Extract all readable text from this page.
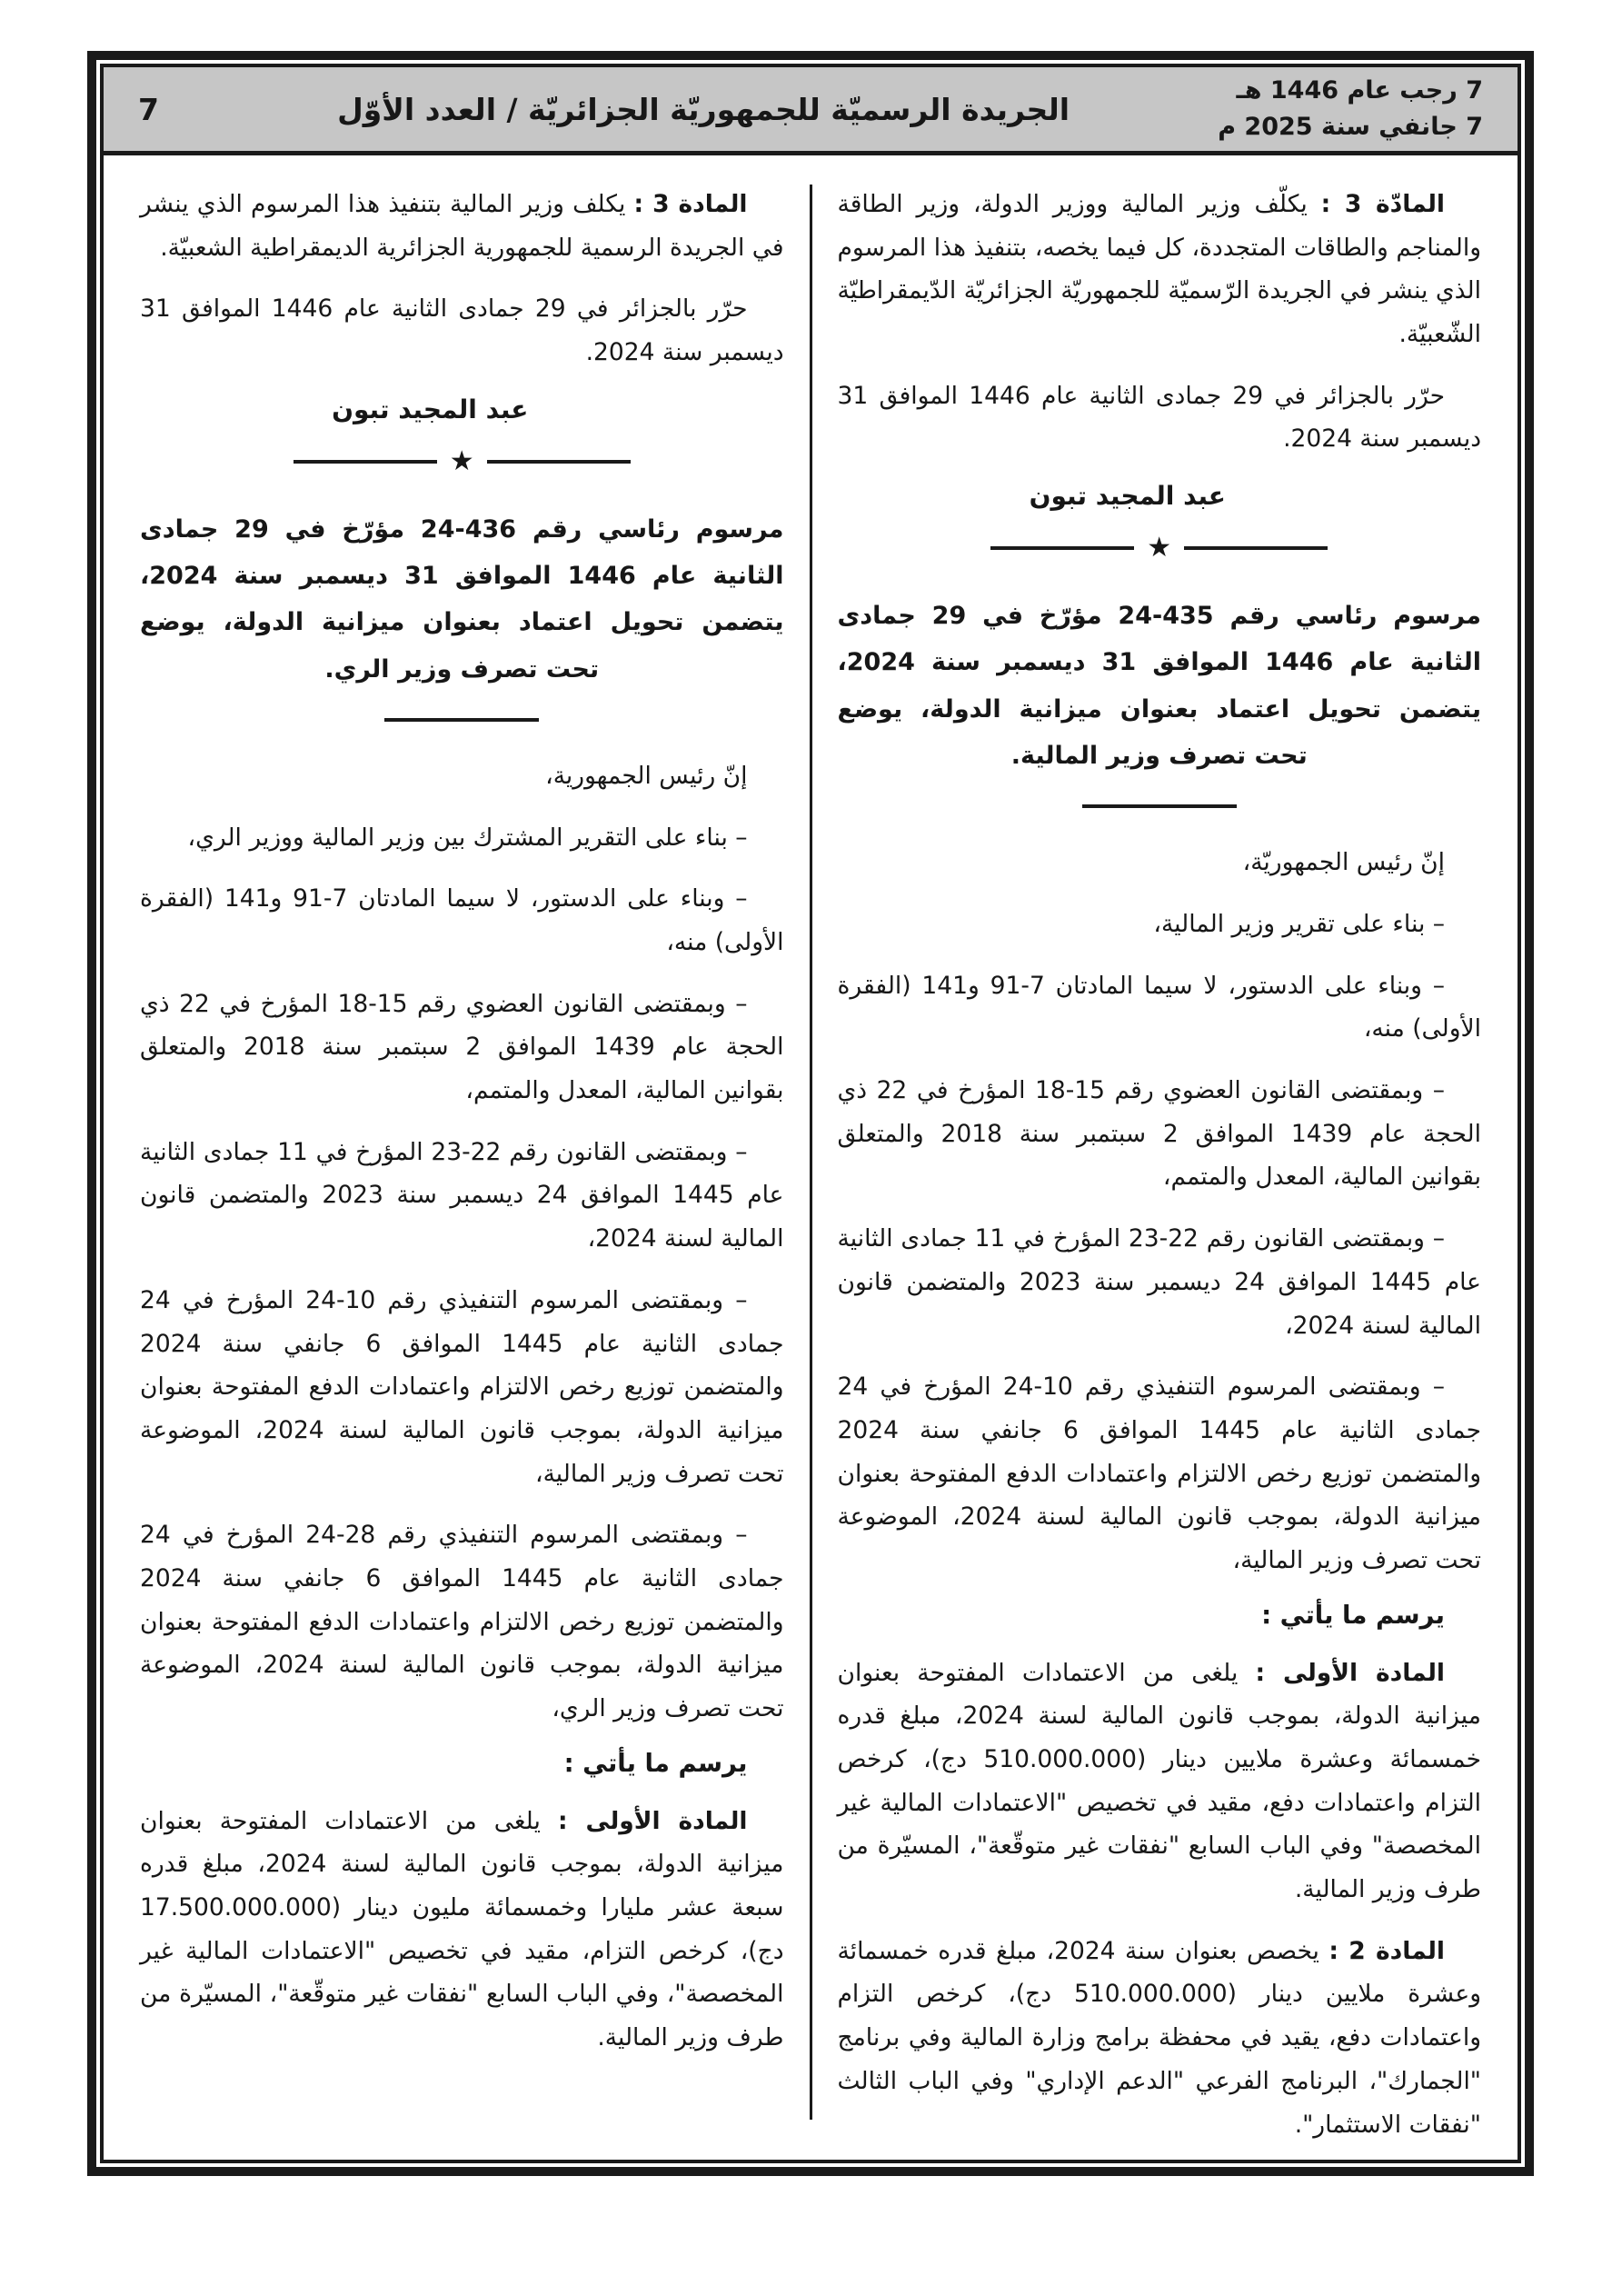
7 رجب عام 1446 هـ
7 جانفي سنة 2025 م
الجريدة الرسميّة للجمهوريّة الجزائريّة / العدد الأوّل
7

المادّة 3 : يكلّف وزير المالية ووزير الدولة، وزير الطاقة والمناجم والطاقات المتجددة، كل فيما يخصه، بتنفيذ هذا المرسوم الذي ينشر في الجريدة الرّسميّة للجمهوريّة الجزائريّة الدّيمقراطيّة الشّعبيّة.

حرّر بالجزائر في 29 جمادى الثانية عام 1446 الموافق 31 ديسمبر سنة 2024.

عبد المجيد تبون
★
مرسوم رئاسي رقم 435-24 مؤرّخ في 29 جمادى الثانية عام 1446 الموافق 31 ديسمبر سنة 2024، يتضمن تحويل اعتماد بعنوان ميزانية الدولة، يوضع تحت تصرف وزير المالية.

إنّ رئيس الجمهوريّة،

– بناء على تقرير وزير المالية،

– وبناء على الدستور، لا سيما المادتان 7-91 و141 (الفقرة الأولى) منه،

– وبمقتضى القانون العضوي رقم 15-18 المؤرخ في 22 ذي الحجة عام 1439 الموافق 2 سبتمبر سنة 2018 والمتعلق بقوانين المالية، المعدل والمتمم،

– وبمقتضى القانون رقم 22-23 المؤرخ في 11 جمادى الثانية عام 1445 الموافق 24 ديسمبر سنة 2023 والمتضمن قانون المالية لسنة 2024،

– وبمقتضى المرسوم التنفيذي رقم 10-24 المؤرخ في 24 جمادى الثانية عام 1445 الموافق 6 جانفي سنة 2024 والمتضمن توزيع رخص الالتزام واعتمادات الدفع المفتوحة بعنوان ميزانية الدولة، بموجب قانون المالية لسنة 2024، الموضوعة تحت تصرف وزير المالية،

يرسم ما يأتي :

المادة الأولى : يلغى من الاعتمادات المفتوحة بعنوان ميزانية الدولة، بموجب قانون المالية لسنة 2024، مبلغ قدره خمسمائة وعشرة ملايين دينار (510.000.000 دج)، كرخص التزام واعتمادات دفع، مقيد في تخصيص "الاعتمادات المالية غير المخصصة" وفي الباب السابع "نفقات غير متوقّعة"، المسيّرة من طرف وزير المالية.

المادة 2 : يخصص بعنوان سنة 2024، مبلغ قدره خمسمائة وعشرة ملايين دينار (510.000.000 دج)، كرخص التزام واعتمادات دفع، يقيد في محفظة برامج وزارة المالية وفي برنامج "الجمارك"، البرنامج الفرعي "الدعم الإداري" وفي الباب الثالث "نفقات الاستثمار".

المادة 3 : يكلف وزير المالية بتنفيذ هذا المرسوم الذي ينشر في الجريدة الرسمية للجمهورية الجزائرية الديمقراطية الشعبيّة.

حرّر بالجزائر في 29 جمادى الثانية عام 1446 الموافق 31 ديسمبر سنة 2024.

عبد المجيد تبون
★
مرسوم رئاسي رقم 436-24 مؤرّخ في 29 جمادى الثانية عام 1446 الموافق 31 ديسمبر سنة 2024، يتضمن تحويل اعتماد بعنوان ميزانية الدولة، يوضع تحت تصرف وزير الري.

إنّ رئيس الجمهورية،

– بناء على التقرير المشترك بين وزير المالية ووزير الري،

– وبناء على الدستور، لا سيما المادتان 7-91 و141 (الفقرة الأولى) منه،

– وبمقتضى القانون العضوي رقم 15-18 المؤرخ في 22 ذي الحجة عام 1439 الموافق 2 سبتمبر سنة 2018 والمتعلق بقوانين المالية، المعدل والمتمم،

– وبمقتضى القانون رقم 22-23 المؤرخ في 11 جمادى الثانية عام 1445 الموافق 24 ديسمبر سنة 2023 والمتضمن قانون المالية لسنة 2024،

– وبمقتضى المرسوم التنفيذي رقم 10-24 المؤرخ في 24 جمادى الثانية عام 1445 الموافق 6 جانفي سنة 2024 والمتضمن توزيع رخص الالتزام واعتمادات الدفع المفتوحة بعنوان ميزانية الدولة، بموجب قانون المالية لسنة 2024، الموضوعة تحت تصرف وزير المالية،

– وبمقتضى المرسوم التنفيذي رقم 28-24 المؤرخ في 24 جمادى الثانية عام 1445 الموافق 6 جانفي سنة 2024 والمتضمن توزيع رخص الالتزام واعتمادات الدفع المفتوحة بعنوان ميزانية الدولة، بموجب قانون المالية لسنة 2024، الموضوعة تحت تصرف وزير الري،

يرسم ما يأتي :

المادة الأولى : يلغى من الاعتمادات المفتوحة بعنوان ميزانية الدولة، بموجب قانون المالية لسنة 2024، مبلغ قدره سبعة عشر مليارا وخمسمائة مليون دينار (17.500.000.000 دج)، كرخص التزام، مقيد في تخصيص "الاعتمادات المالية غير المخصصة"، وفي الباب السابع "نفقات غير متوقّعة"، المسيّرة من طرف وزير المالية.
